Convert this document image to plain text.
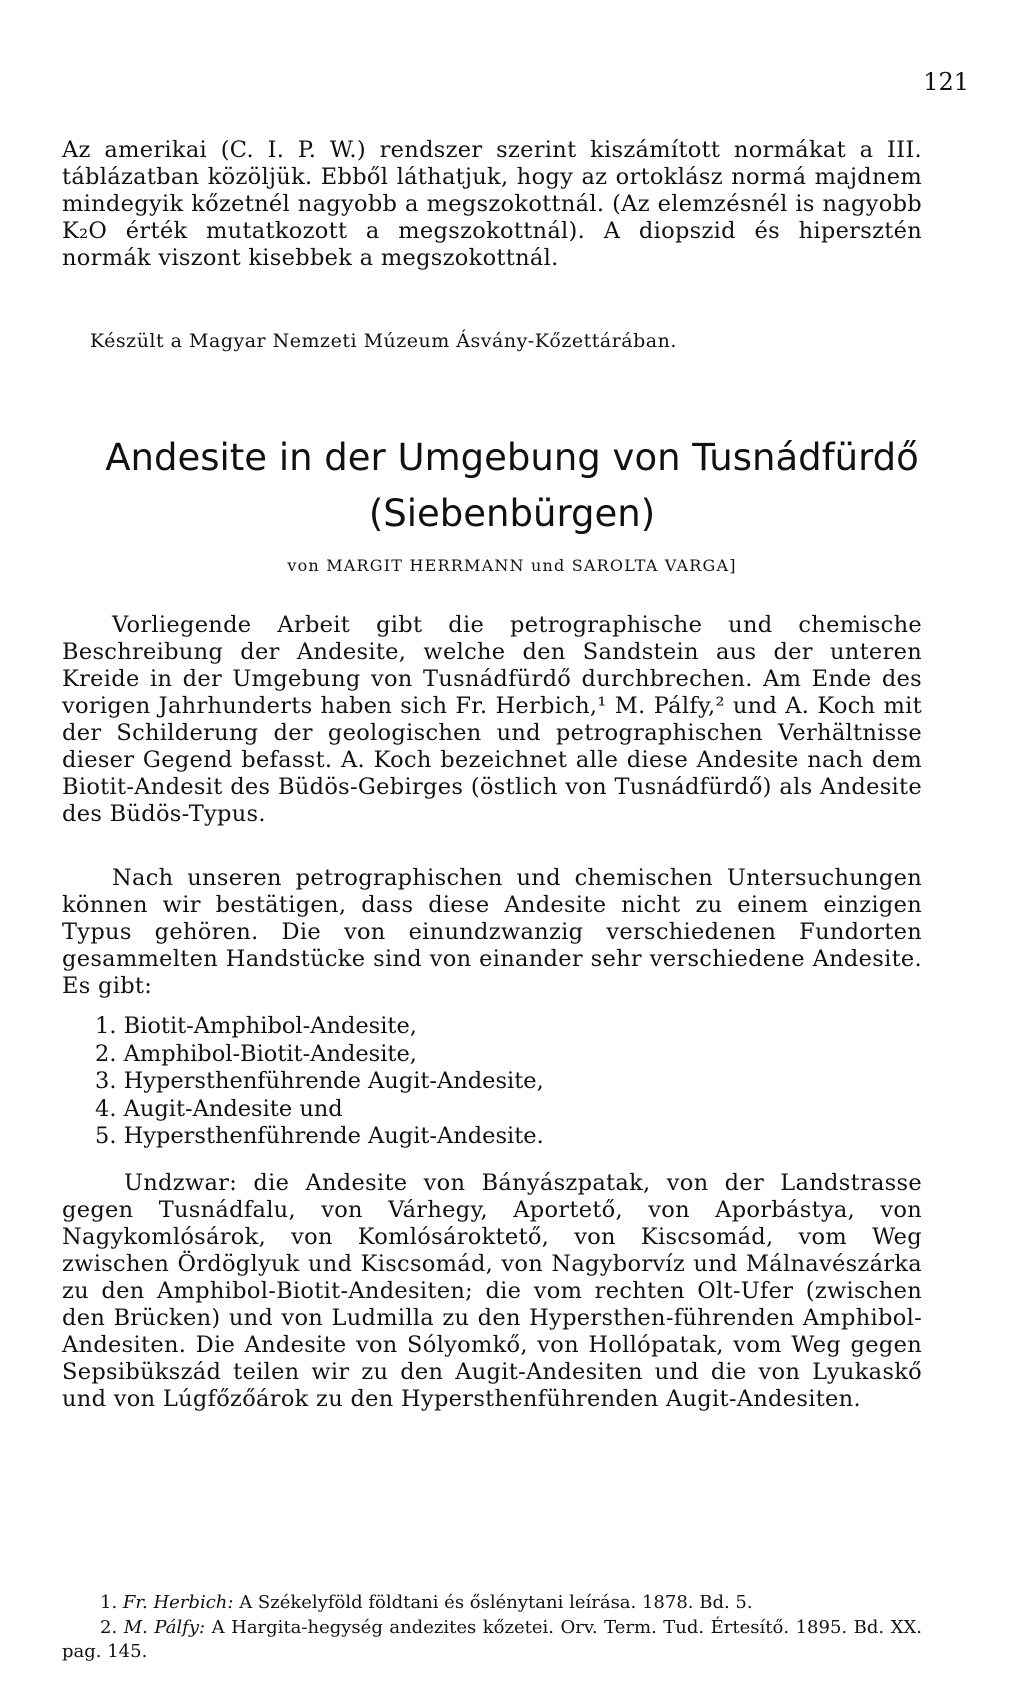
121

Az amerikai (C. I. P. W.) rendszer szerint kiszámított normákat a III. táblázatban közöljük. Ebből láthatjuk, hogy az ortoklász normá majdnem mindegyik kőzetnél nagyobb a megszokottnál. (Az elemzésnél is nagyobb K₂O érték mutatkozott a megszokottnál). A diopszid és hipersztén normák viszont kisebbek a megszokottnál.

Készült a Magyar Nemzeti Múzeum Ásvány-Kőzettárában.
Andesite in der Umgebung von Tusnádfürdő
(Siebenbürgen)
von MARGIT HERRMANN und SAROLTA VARGA]

Vorliegende Arbeit gibt die petrographische und chemische Beschreibung der Andesite, welche den Sandstein aus der unteren Kreide in der Umgebung von Tusnádfürdő durchbrechen. Am Ende des vorigen Jahrhunderts haben sich Fr. Herbich,¹ M. Pálfy,² und A. Koch mit der Schilderung der geologischen und petrographischen Verhältnisse dieser Gegend befasst. A. Koch bezeichnet alle diese Andesite nach dem Biotit-Andesit des Büdös-Gebirges (östlich von Tusnádfürdő) als Andesite des Büdös-Typus.

Nach unseren petrographischen und chemischen Untersuchungen können wir bestätigen, dass diese Andesite nicht zu einem einzigen Typus gehören. Die von einundzwanzig verschiedenen Fundorten gesammelten Handstücke sind von einander sehr verschiedene Andesite. Es gibt:

1. Biotit-Amphibol-Andesite,
2. Amphibol-Biotit-Andesite,
3. Hypersthenführende Augit-Andesite,
4. Augit-Andesite und
5. Hypersthenführende Augit-Andesite.

Undzwar: die Andesite von Bányászpatak, von der Landstrasse gegen Tusnádfalu, von Várhegy, Aportető, von Aporbástya, von Nagykomlósárok, von Komlósároktető, von Kiscsomád, vom Weg zwischen Ördöglyuk und Kiscsomád, von Nagyborvíz und Málnavészárka zu den Amphibol-Biotit-Andesiten; die vom rechten Olt-Ufer (zwischen den Brücken) und von Ludmilla zu den Hypersthen-führenden Amphibol-Andesiten. Die Andesite von Sólyomkő, von Hollópatak, vom Weg gegen Sepsibükszád teilen wir zu den Augit-Andesiten und die von Lyukaskő und von Lúgfőzőárok zu den Hypersthenführenden Augit-Andesiten.

1. Fr. Herbich: A Székelyföld földtani és őslénytani leírása. 1878. Bd. 5.
2. M. Pálfy: A Hargita-hegység andezites kőzetei. Orv. Term. Tud. Értesítő. 1895. Bd. XX. pag. 145.
